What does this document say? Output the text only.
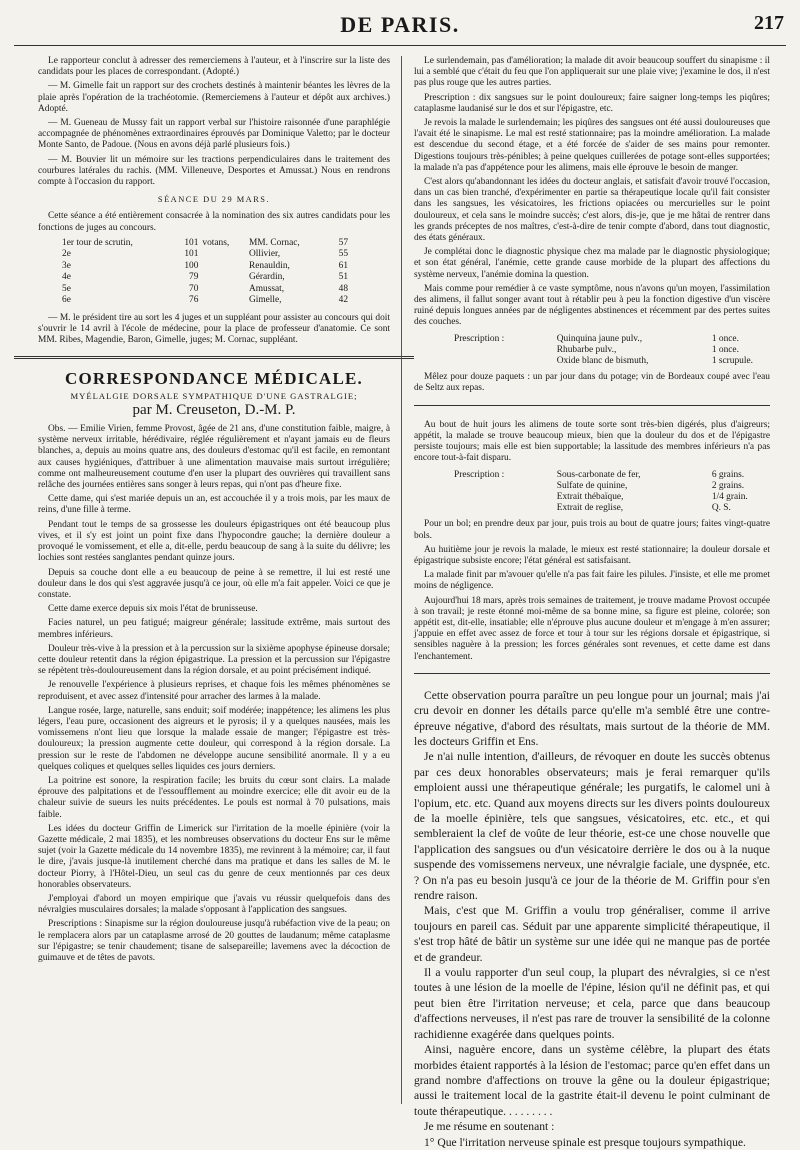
DE PARIS.	217

Le rapporteur conclut à adresser des remerciemens à l'auteur, et à l'inscrire sur la liste des candidats pour les places de correspondant. (Adopté.)

— M. Gimelle fait un rapport sur des crochets destinés à maintenir béantes les lèvres de la plaie après l'opération de la trachéotomie. (Remerciemens à l'auteur et dépôt aux archives.) Adopté.

— M. Gueneau de Mussy fait un rapport verbal sur l'histoire raisonnée d'une paraphlégie accompagnée de phénomènes extraordinaires éprouvés par Dominique Valetto; par le docteur Monte Santo, de Padoue. (Nous en avons déjà parlé plusieurs fois.)

— M. Bouvier lit un mémoire sur les tractions perpendiculaires dans le traitement des courbures latérales du rachis. (MM. Villeneuve, Desportes et Amussat.) Nous en rendrons compte à l'occasion du rapport.

SÉANCE DU 29 MARS.

Cette séance a été entièrement consacrée à la nomination des six autres candidats pour les fonctions de juges au concours.

1er tour de scrutin,	101	votans,	MM. Cornac,	57
2e	101		Ollivier,	55
3e	100		Renauldin,	61
4e	79		Gérardin,	51
5e	70		Amussat,	48
6e	76		Gimelle,	42

— M. le président tire au sort les 4 juges et un suppléant pour assister au concours qui doit s'ouvrir le 14 avril à l'école de médecine, pour la place de professeur d'anatomie. Ce sont MM. Ribes, Magendie, Baron, Gimelle, juges; M. Cornac, suppléant.

CORRESPONDANCE MÉDICALE.
MYÉLALGIE DORSALE SYMPATHIQUE D'UNE GASTRALGIE;
par M. Creuseton, D.-M. P.

Obs. — Emilie Virien, femme Provost, âgée de 21 ans, d'une constitution faible, maigre, à système nerveux irritable, hérédivaire, réglée régulièrement et n'ayant jamais eu de fleurs blanches, a, depuis au moins quatre ans, des douleurs d'estomac qu'il est facile, en remontant aux causes hygiéniques, d'attribuer à une alimentation mauvaise mais surtout irrégulière; comme ont malheureusement coutume d'en user la plupart des ouvrières qui travaillent sans relâche des journées entières sans songer à leurs repas, qui n'ont pas d'heure fixe.

Cette dame, qui s'est mariée depuis un an, est accouchée il y a trois mois, par les maux de reins, d'une fille à terme.

Pendant tout le temps de sa grossesse les douleurs épigastriques ont été beaucoup plus vives, et il s'y est joint un point fixe dans l'hypocondre gauche; la dernière douleur a provoqué le vomissement, et elle a, dit-elle, perdu beaucoup de sang à la suite du délivre; les lochies sont restées sanglantes pendant quinze jours.

Depuis sa couche dont elle a eu beaucoup de peine à se remettre, il lui est resté une douleur dans le dos qui s'est aggravée jusqu'à ce jour, où elle m'a fait appeler. Voici ce que je constate.

Cette dame exerce depuis six mois l'état de brunisseuse.

Facies naturel, un peu fatigué; maigreur générale; lassitude extrême, mais surtout des membres inférieurs.

Douleur très-vive à la pression et à la percussion sur la sixième apophyse épineuse dorsale; cette douleur retentit dans la région épigastrique. La pression et la percussion sur l'épigastre se répètent très-douloureusement dans la région dorsale, et au point précisément indiqué.

Je renouvelle l'expérience à plusieurs reprises, et chaque fois les mêmes phénomènes se reproduisent, et avec assez d'intensité pour arracher des larmes à la malade.

Langue rosée, large, naturelle, sans enduit; soif modérée; inappétence; les alimens les plus légers, l'eau pure, occasionent des aigreurs et le pyrosis; il y a quelques nausées, mais les vomissemens n'ont lieu que lorsque la malade essaie de manger; l'épigastre est très-douloureux; la pression augmente cette douleur, qui correspond à la région dorsale. La pression sur le reste de l'abdomen ne développe aucune sensibilité anormale. Il y a eu quelques coliques et quelques selles liquides ces jours derniers.

La poitrine est sonore, la respiration facile; les bruits du cœur sont clairs. La malade éprouve des palpitations et de l'essoufflement au moindre exercice; elle dit avoir eu de la chaleur suivie de sueurs les nuits précédentes. Le pouls est normal à 70 pulsations, mais faible.

Les idées du docteur Griffin de Limerick sur l'irritation de la moelle épinière (voir la Gazette médicale, 2 mai 1835), et les nombreuses observations du docteur Ens sur le même sujet (voir la Gazette médicale du 14 novembre 1835), me revinrent à la mémoire; car, il faut le dire, j'avais jusque-là inutilement cherché dans ma pratique et dans les salles de M. le docteur Piorry, à l'Hôtel-Dieu, un seul cas du genre de ceux mentionnés par ces deux honorables observateurs.

J'employai d'abord un moyen empirique que j'avais vu réussir quelquefois dans des névralgies musculaires dorsales; la malade s'opposant à l'application des sangsues.

Prescriptions : Sinapisme sur la région douloureuse jusqu'à rubéfaction vive de la peau; on le remplacera alors par un cataplasme arrosé de 20 gouttes de laudanum; même cataplasme sur l'épigastre; se tenir chaudement; tisane de salsepareille; lavemens avec la décoction de guimauve et de têtes de pavots.

Le surlendemain, pas d'amélioration; la malade dit avoir beaucoup souffert du sinapisme : il lui a semblé que c'était du feu que l'on appliquerait sur une plaie vive; j'examine le dos, il n'est pas plus rouge que les autres parties.

Prescription : dix sangsues sur le point douloureux; faire saigner long-temps les piqûres; cataplasme laudanisé sur le dos et sur l'épigastre, etc.

Je revois la malade le surlendemain; les piqûres des sangsues ont été aussi douloureuses que l'avait été le sinapisme. Le mal est resté stationnaire; pas la moindre amélioration. La malade est descendue du second étage, et a été forcée de s'aider de ses mains pour remonter. Digestions toujours très-pénibles; à peine quelques cuillerées de potage sont-elles supportées; la malade n'a pas d'appétence pour les alimens, mais elle éprouve le besoin de manger.

C'est alors qu'abandonnant les idées du docteur anglais, et satisfait d'avoir trouvé l'occasion, dans un cas bien tranché, d'expérimenter en partie sa thérapeutique locale qu'il fait consister dans les sangsues, les vésicatoires, les frictions opiacées ou mercurielles sur le point douloureux, et cela sans le moindre succès; c'est alors, dis-je, que je me hâtai de rentrer dans les grands préceptes de nos maîtres, c'est-à-dire de tenir compte d'abord, dans tout diagnostic, des états généraux.

Je complétai donc le diagnostic physique chez ma malade par le diagnostic physiologique; et son état général, l'anémie, cette grande cause morbide de la plupart des affections du système nerveux, l'anémie domina la question.

Mais comme pour remédier à ce vaste symptôme, nous n'avons qu'un moyen, l'assimilation des alimens, il fallut songer avant tout à rétablir peu à peu la fonction digestive d'un viscère ruiné depuis longues années par de négligentes abstinences et récemment par des pertes suites des couches.

Prescription :	Quinquina jaune pulv.,	1 once.
Rhubarbe pulv.,	1 once.
Oxide blanc de bismuth,	1 scrupule.

Mêlez pour douze paquets : un par jour dans du potage; vin de Bordeaux coupé avec l'eau de Seltz aux repas.

Au bout de huit jours les alimens de toute sorte sont très-bien digérés, plus d'aigreurs; appétit, la malade se trouve beaucoup mieux, bien que la douleur du dos et de l'épigastre persiste toujours; mais elle est bien supportable; la lassitude des membres inférieurs n'a pas encore tout-à-fait disparu.

Prescription :	Sous-carbonate de fer,	6 grains.
Sulfate de quinine,	2 grains.
Extrait thébaïque,	1/4 grain.
Extrait de reglise,	Q. S.

Pour un bol; en prendre deux par jour, puis trois au bout de quatre jours; faites vingt-quatre bols.

Au huitième jour je revois la malade, le mieux est resté stationnaire; la douleur dorsale et épigastrique subsiste encore; l'état général est satisfaisant.

La malade finit par m'avouer qu'elle n'a pas fait faire les pilules. J'insiste, et elle me promet moins de négligence.

Aujourd'hui 18 mars, après trois semaines de traitement, je trouve madame Provost occupée à son travail; je reste étonné moi-même de sa bonne mine, sa figure est pleine, colorée; son appétit est, dit-elle, insatiable; elle n'éprouve plus aucune douleur et m'engage à m'en assurer; j'appuie en effet avec assez de force et tour à tour sur les régions dorsale et épigastrique, si sensibles naguère à la pression; les forces générales sont revenues, et cette dame est dans l'enchantement.

Cette observation pourra paraître un peu longue pour un journal; mais j'ai cru devoir en donner les détails parce qu'elle m'a semblé être une contre-épreuve négative, d'abord des résultats, mais surtout de la théorie de MM. les docteurs Griffin et Ens.

Je n'ai nulle intention, d'ailleurs, de révoquer en doute les succès obtenus par ces deux honorables observateurs; mais je ferai remarquer qu'ils emploient aussi une thérapeutique générale; les purgatifs, le calomel uni à l'opium, etc. etc. Quand aux moyens directs sur les divers points douloureux de la moelle épinière, tels que sangsues, vésicatoires, etc. etc., et qui sembleraient la clef de voûte de leur théorie, est-ce une chose nouvelle que l'application des sangsues ou d'un vésicatoire derrière le dos ou à la nuque suspende des vomissemens nerveux, une névralgie faciale, une dyspnée, etc. ? On n'a pas eu besoin jusqu'à ce jour de la théorie de M. Griffin pour s'en rendre raison.

Mais, c'est que M. Griffin a voulu trop généraliser, comme il arrive toujours en pareil cas. Séduit par une apparente simplicité thérapeutique, il s'est trop hâté de bâtir un système sur une idée qui ne manque pas de portée et de grandeur.

Il a voulu rapporter d'un seul coup, la plupart des névralgies, si ce n'est toutes à une lésion de la moelle de l'épine, lésion qu'il ne définit pas, et qui peut bien être l'irritation nerveuse; et cela, parce que dans beaucoup d'affections nerveuses, il n'est pas rare de trouver la sensibilité de la colonne rachidienne exagérée dans quelques points.

Ainsi, naguère encore, dans un système célèbre, la plupart des états morbides étaient rapportés à la lésion de l'estomac; parce qu'en effet dans un grand nombre d'affections on trouve la gêne ou la douleur épigastrique; aussi le traitement local de la gastrite était-il devenu le point culminant de toute thérapeutique. . . . . . . . .

Je me résume en soutenant :

1° Que l'irritation nerveuse spinale est presque toujours sympathique.
